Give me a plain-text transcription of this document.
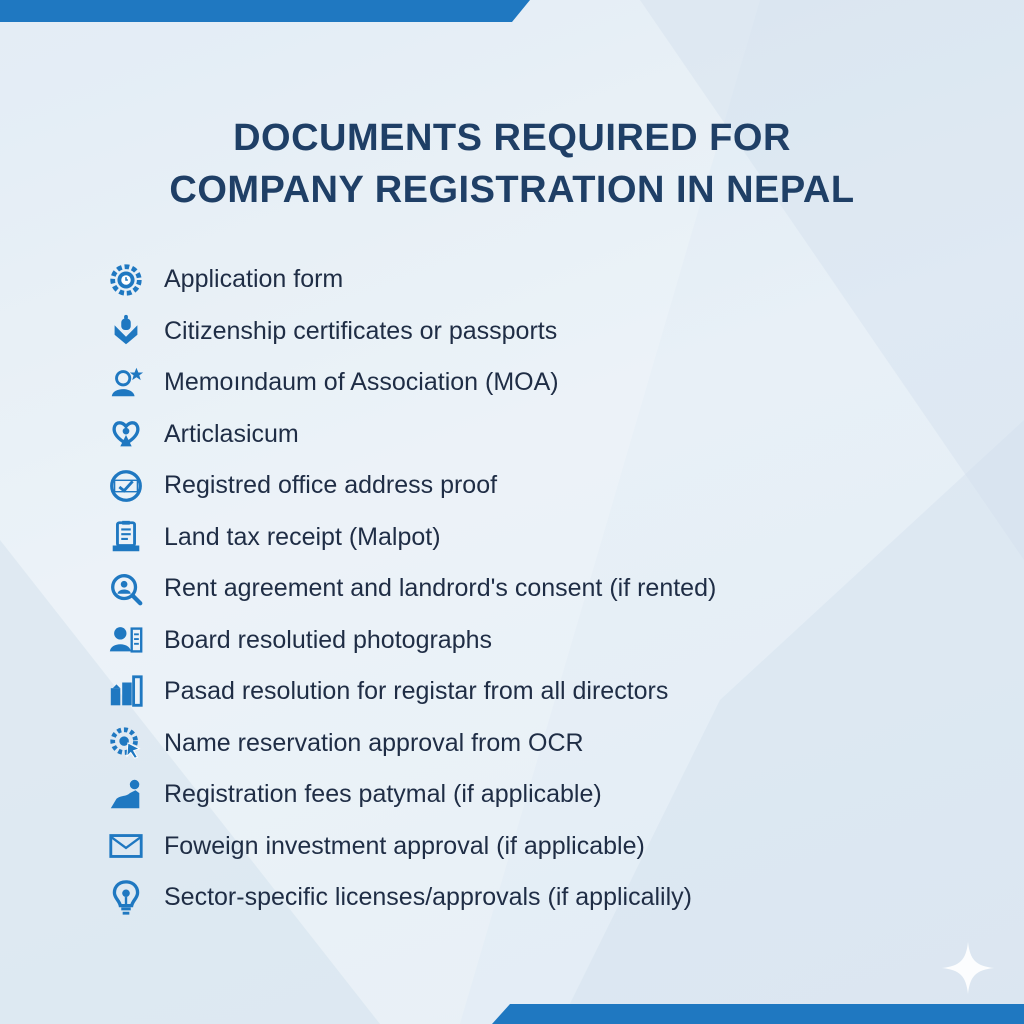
DOCUMENTS REQUIRED FOR
COMPANY REGISTRATION IN NEPAL
Application form
Citizenship certificates or passports
Memoındaum of Association (MOA)
Articlasicum
Registred office address proof
Land tax receipt (Malpot)
Rent agreement and landrord's consent (if rented)
Board resolutied photographs
Pasad resolution for registar from all directors
Name reservation approval from OCR
Registration fees patymal (if applicable)
Foweign investment approval (if applicable)
Sector-specific licenses/approvals (if applicalily)
